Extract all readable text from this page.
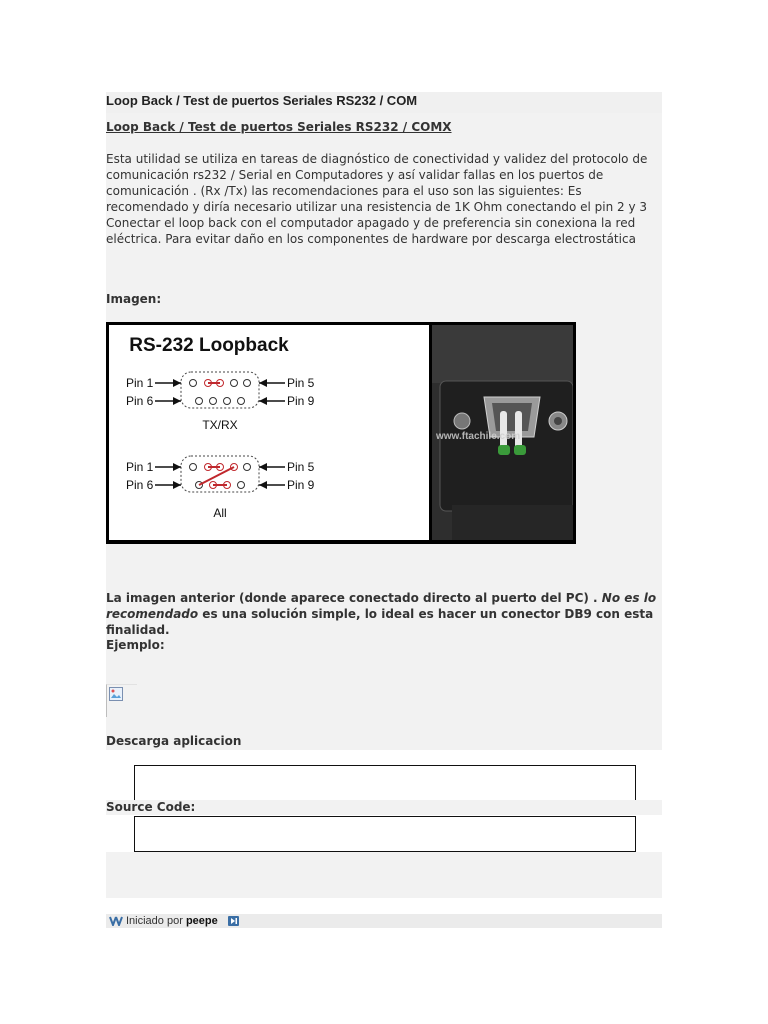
Loop Back / Test de puertos Seriales RS232 / COM
Loop Back / Test de puertos Seriales RS232 / COMX
Esta utilidad se utiliza en tareas de diagnóstico de conectividad y validez del protocolo de comunicación rs232 / Serial en Computadores y así validar fallas en los puertos de comunicación . (Rx /Tx) las recomendaciones para el uso son las siguientes: Es recomendado y diría necesario utilizar una resistencia de 1K Ohm conectando el pin 2 y 3 Conectar el loop back con el computador apagado y de preferencia sin conexiona la red eléctrica. Para evitar daño en los componentes de hardware por descarga electrostática
Imagen:
RS-232 Loopback
Pin 1
Pin 6
Pin 5
Pin 9
TX/RX
Pin 1
Pin 6
Pin 5
Pin 9
All
www.ftachile.com
La imagen anterior (donde aparece conectado directo al puerto del PC) . No es lo recomendado es una solución simple, lo ideal es hacer un conector DB9 con esta finalidad.
Ejemplo:
Descarga aplicacion
Source Code:
Iniciado por peepe
